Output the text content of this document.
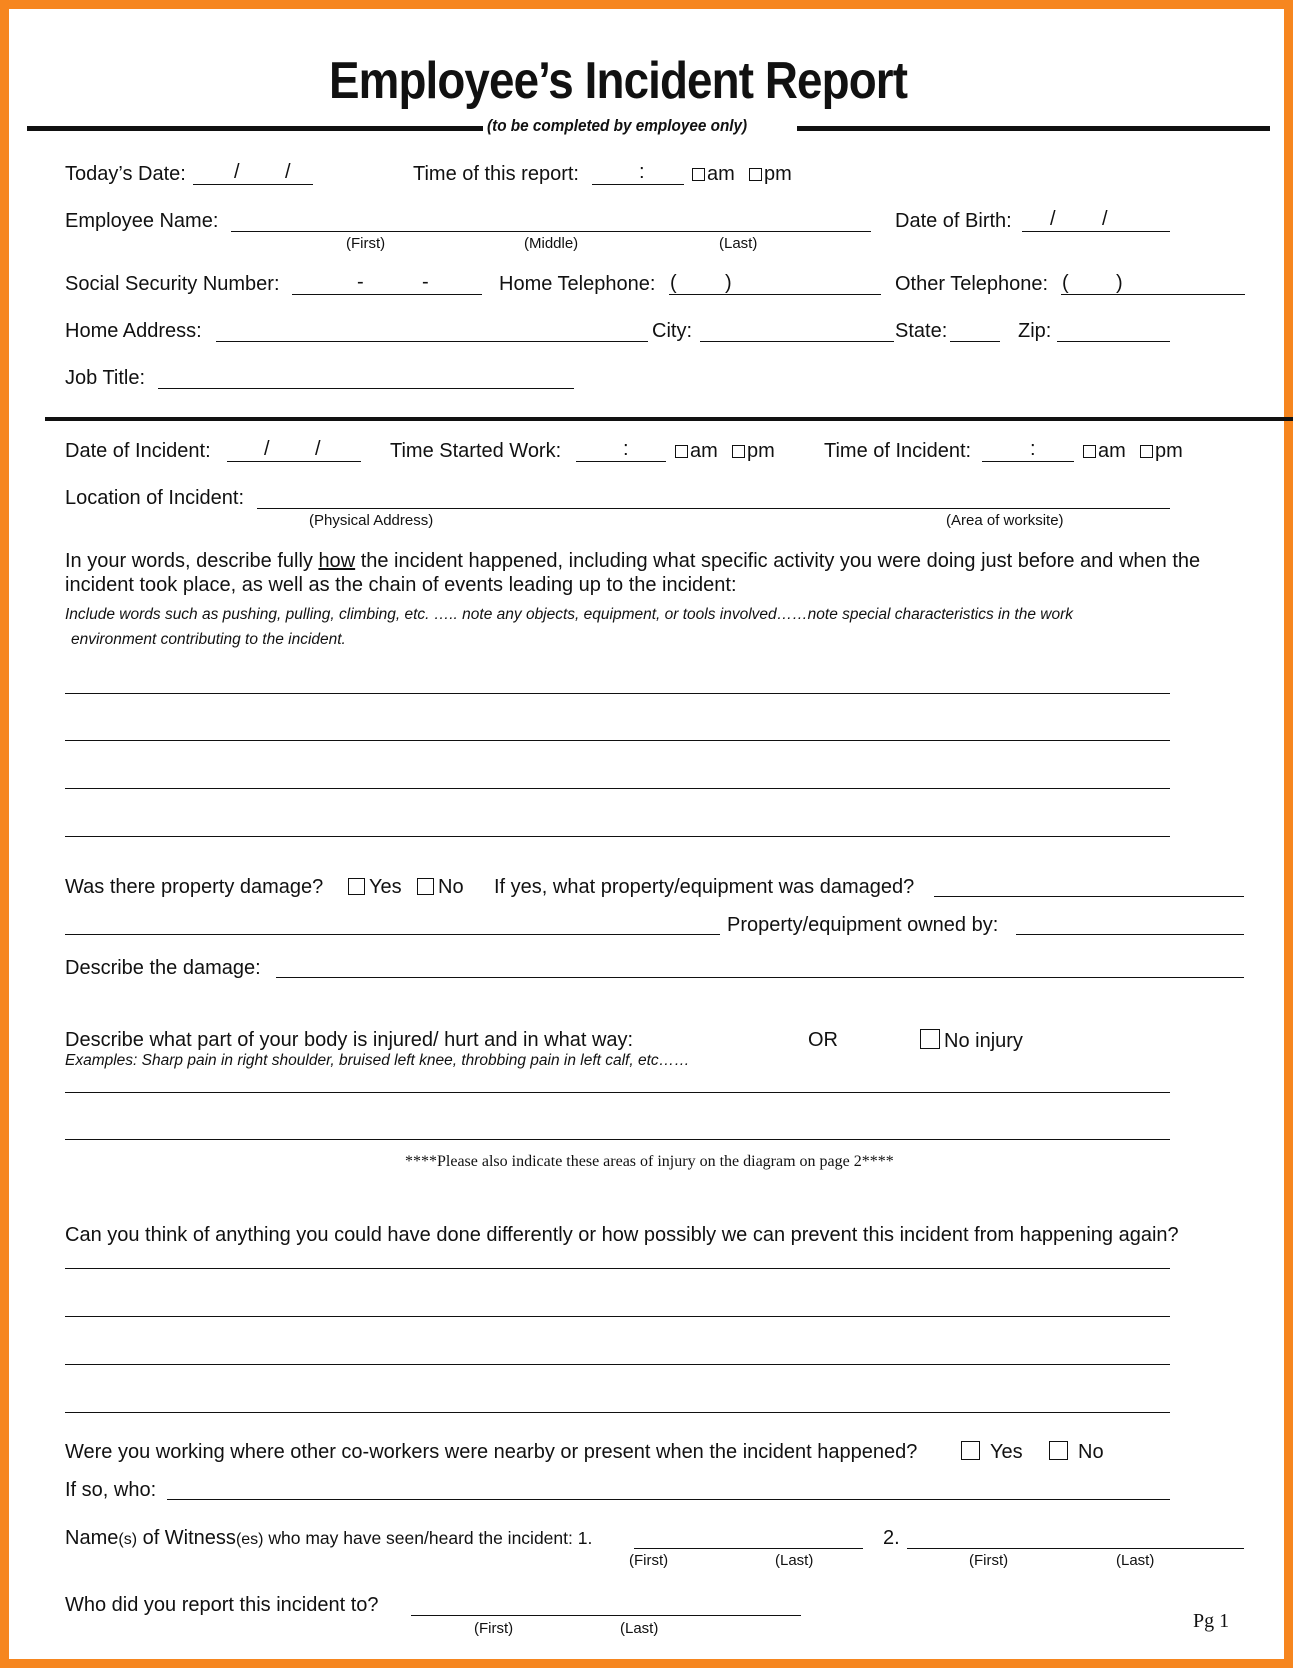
Employee’s Incident Report
(to be completed by employee only)
Today’s Date: / /	Time of this report:	:	am	pm
Employee Name:
(First)	(Middle)	(Last)
Date of Birth: / /
Social Security Number:	-	-	Home Telephone: ( )	Other Telephone: ( )
Home Address:	City:	State:	Zip:
Job Title:
Date of Incident:	/ /	Time Started Work:	:	am	pm Time of Incident:	:	am	pm
Location of Incident:
(Physical Address)	(Area of worksite)
In your words, describe fully how the incident happened, including what specific activity you were doing just before and when the
incident took place, as well as the chain of events leading up to the incident:
Include words such as pushing, pulling, climbing, etc. ….. note any objects, equipment, or tools involved……note special characteristics in the work
environment contributing to the incident.
Was there property damage?	Yes	No If yes, what property/equipment was damaged?
Property/equipment owned by:
Describe the damage:
Describe what part of your body is injured/ hurt and in what way:	OR	No injury
Examples: Sharp pain in right shoulder, bruised left knee, throbbing pain in left calf, etc……
****Please also indicate these areas of injury on the diagram on page 2****
Can you think of anything you could have done differently or how possibly we can prevent this incident from happening again?
Were you working where other co-workers were nearby or present when the incident happened?	Yes	No
If so, who:
Name(s) of Witness(es) who may have seen/heard the incident: 1.
(First)	(Last)
2.
(First)	(Last)
Who did you report this incident to?
(First)	(Last)	Pg 1
